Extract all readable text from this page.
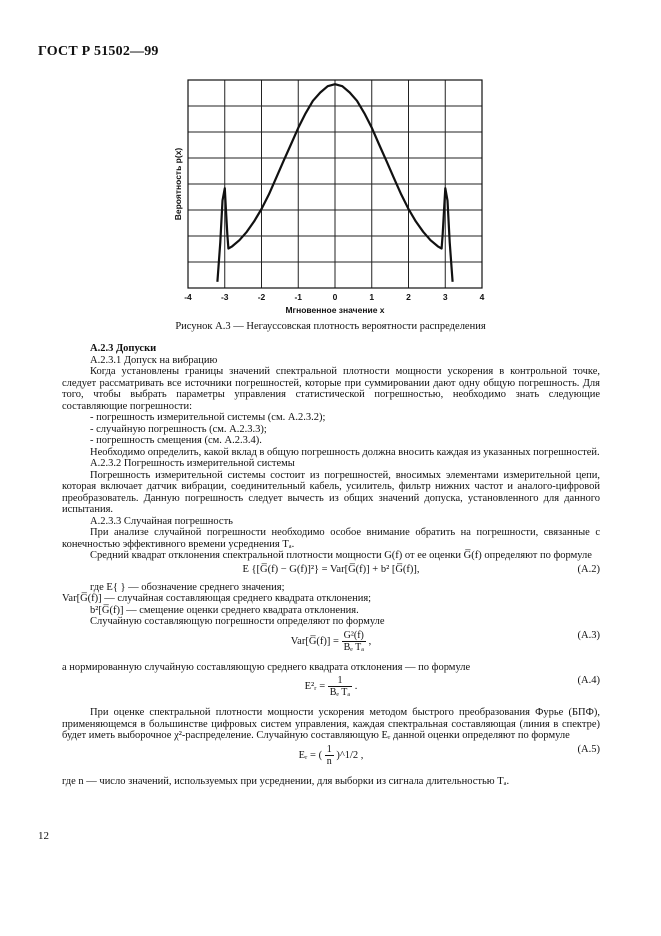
ГОСТ Р 51502—99
-4	-3	-2	-1	0	1	2	3	4
Мгновенное значение x
Вероятность p(x)
Рисунок А.3 — Негауссовская плотность вероятности распределения

А.2.3 Допуски

А.2.3.1 Допуск на вибрацию

Когда установлены границы значений спектральной плотности мощности ускорения в контрольной точке, следует рассматривать все источники погрешностей, которые при суммировании дают одну общую погрешность. Для того, чтобы выбрать параметры управления статистической погрешностью, необходимо знать следующие составляющие погрешности:

- погрешность измерительной системы (см. А.2.3.2);

- случайную погрешность (см. А.2.3.3);

- погрешность смещения (см. А.2.3.4).

Необходимо определить, какой вклад в общую погрешность должна вносить каждая из указанных погрешностей.

А.2.3.2 Погрешность измерительной системы

Погрешность измерительной системы состоит из погрешностей, вносимых элементами измерительной цепи, которая включает датчик вибрации, соединительный кабель, усилитель, фильтр нижних частот и аналого-цифровой преобразователь. Данную погрешность следует вычесть из общих значений допуска, установленного для данного испытания.

А.2.3.3 Случайная погрешность

При анализе случайной погрешности необходимо особое внимание обратить на погрешности, связанные с конечностью эффективного времени усреднения Tₐ.

Средний квадрат отклонения спектральной плотности мощности G(f) от ее оценки G̅(f) определяют по формуле

E {[G̅(f) − G(f)]²} = Var[G̅(f)] + b² [G̅(f)],	(А.2)

где E{ } — обозначение среднего значения;

Var[G̅(f)] — случайная составляющая среднего квадрата отклонения;

b²[G̅(f)] — смещение оценки среднего квадрата отклонения.

Случайную составляющую погрешности определяют по формуле

Var[G̅(f)] = $\frac{\text{G²(f)}}{\text{Bₑ Tₐ}}$ ,
(А.3)

а нормированную случайную составляющую среднего квадрата отклонения — по формуле

E²ᵣ = $\frac{1}{\text{Bₑ Tₐ}}$ .
(А.4)

При оценке спектральной плотности мощности ускорения методом быстрого преобразования Фурье (БПФ), применяющемся в большинстве цифровых систем управления, каждая спектральная составляющая (линия в спектре) будет иметь выборочное χ²-распределение. Случайную составляющую Eᵣ данной оценки определяют по формуле

Eᵣ = ( $\frac{1}{n}$ )^1/2 ,
(А.5)

где n — число значений, используемых при усреднении, для выборки из сигнала длительностью Tₐ.

12
